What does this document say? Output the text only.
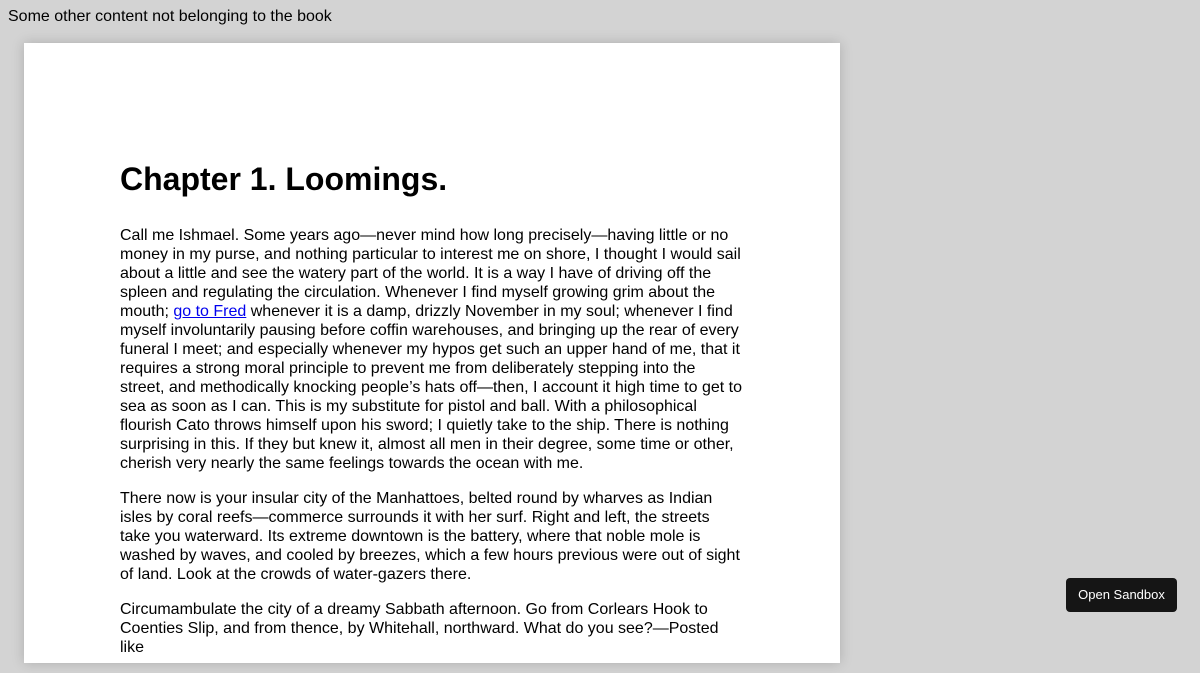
Some other content not belonging to the book

Chapter 1. Loomings.

Call me Ishmael. Some years ago—never mind how long precisely—having little or no money in my purse, and nothing particular to interest me on shore, I thought I would sail about a little and see the watery part of the world. It is a way I have of driving off the spleen and regulating the circulation. Whenever I find myself growing grim about the mouth; go to Fred whenever it is a damp, drizzly November in my soul; whenever I find myself involuntarily pausing before coffin warehouses, and bringing up the rear of every funeral I meet; and especially whenever my hypos get such an upper hand of me, that it requires a strong moral principle to prevent me from deliberately stepping into the street, and methodically knocking people’s hats off—then, I account it high time to get to sea as soon as I can. This is my substitute for pistol and ball. With a philosophical flourish Cato throws himself upon his sword; I quietly take to the ship. There is nothing surprising in this. If they but knew it, almost all men in their degree, some time or other, cherish very nearly the same feelings towards the ocean with me.

There now is your insular city of the Manhattoes, belted round by wharves as Indian isles by coral reefs—commerce surrounds it with her surf. Right and left, the streets take you waterward. Its extreme downtown is the battery, where that noble mole is washed by waves, and cooled by breezes, which a few hours previous were out of sight of land. Look at the crowds of water-gazers there.

Circumambulate the city of a dreamy Sabbath afternoon. Go from Corlears Hook to Coenties Slip, and from thence, by Whitehall, northward. What do you see?—Posted like

Open Sandbox
